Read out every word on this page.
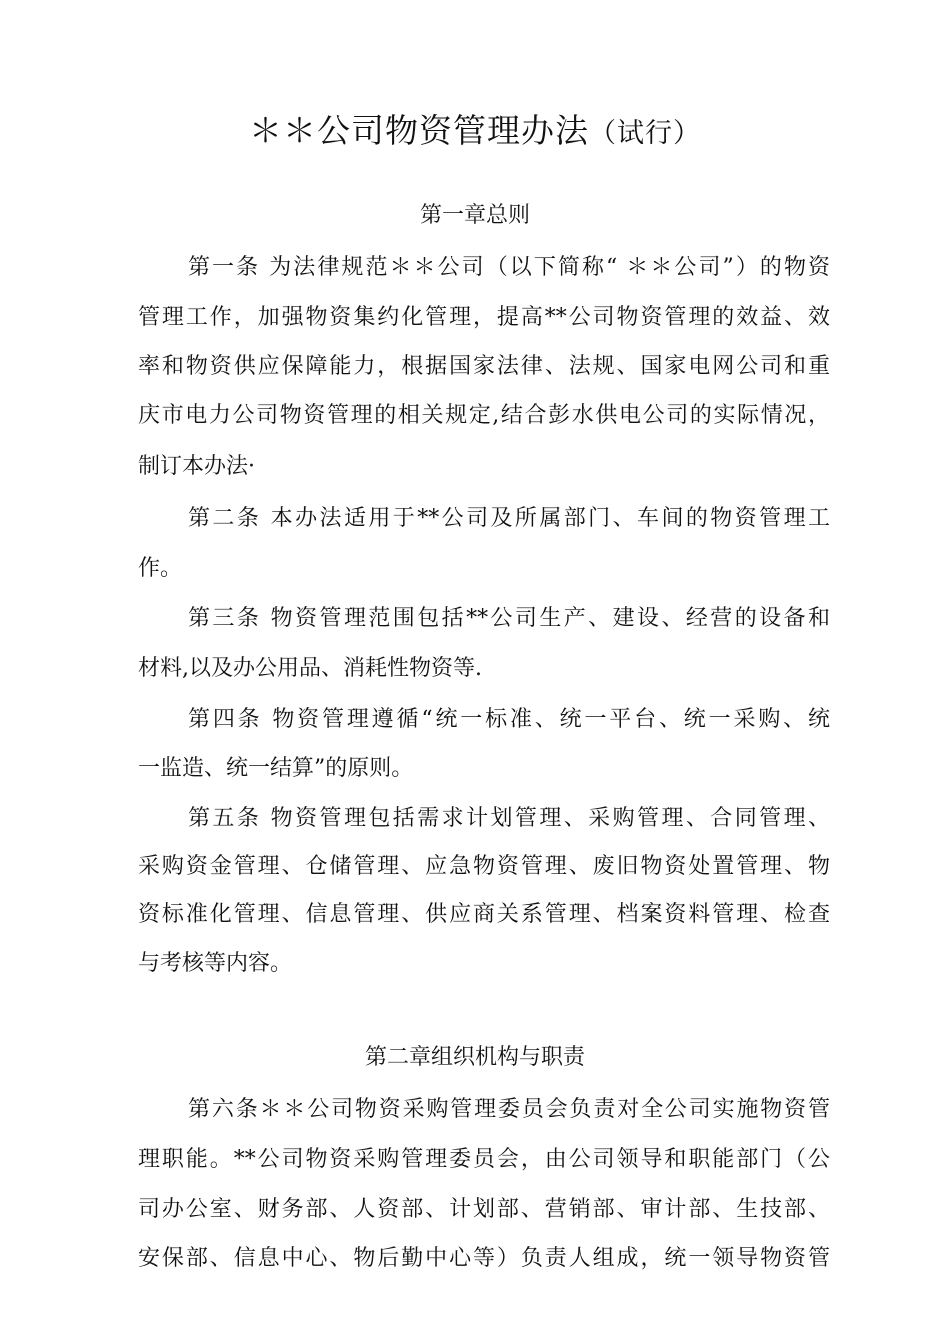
＊＊公司物资管理办法（试行）
第一章总则
第一条 为法律规范＊＊公司（以下简称“ ＊＊公司”）的物资
管理工作，加强物资集约化管理，提高**公司物资管理的效益、效
率和物资供应保障能力，根据国家法律、法规、国家电网公司和重
庆市电力公司物资管理的相关规定,结合彭水供电公司的实际情况，
制订本办法·
第二条 本办法适用于**公司及所属部门、车间的物资管理工
作。
第三条 物资管理范围包括**公司生产、建设、经营的设备和
材料,以及办公用品、消耗性物资等.
第四条 物资管理遵循“统一标准、统一平台、统一采购、统
一监造、统一结算”的原则。
第五条 物资管理包括需求计划管理、采购管理、合同管理、
采购资金管理、仓储管理、应急物资管理、废旧物资处置管理、物
资标准化管理、信息管理、供应商关系管理、档案资料管理、检查
与考核等内容。
第二章组织机构与职责
第六条＊＊公司物资采购管理委员会负责对全公司实施物资管
理职能。**公司物资采购管理委员会，由公司领导和职能部门（公
司办公室、财务部、人资部、计划部、营销部、审计部、生技部、
安保部、信息中心、物后勤中心等）负责人组成，统一领导物资管
